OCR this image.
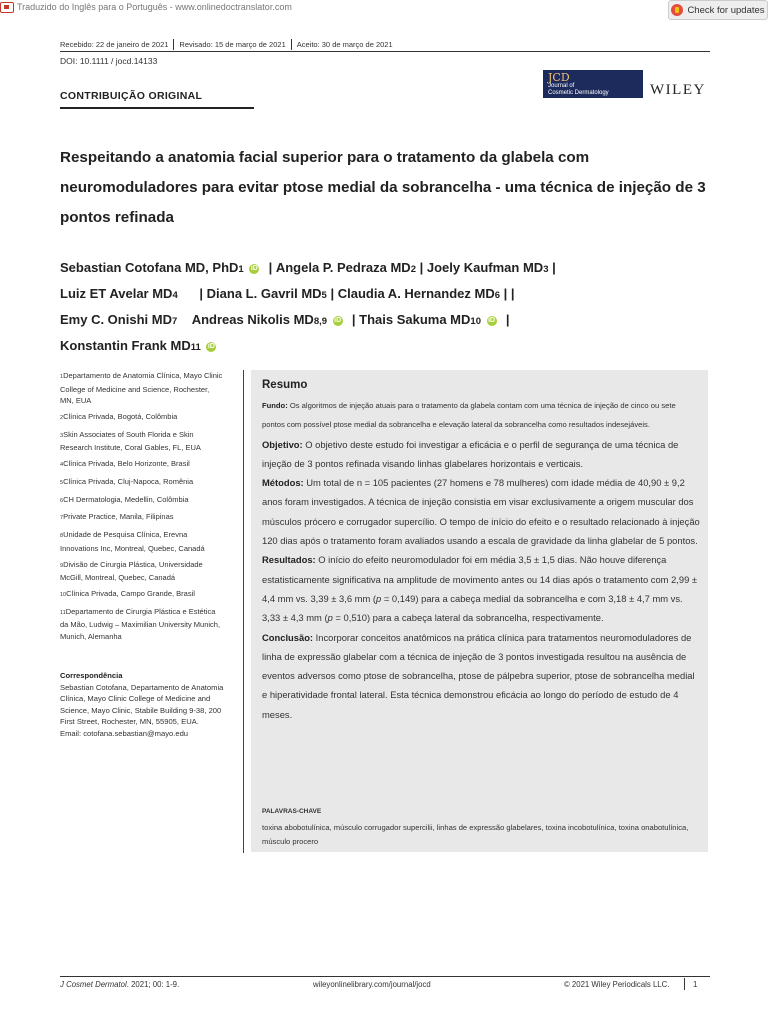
Traduzido do Inglês para o Português - www.onlinedoctranslator.com	Check for updates
Recebido: 22 de janeiro de 2021 Revisado: 15 de março de 2021 Aceito: 30 de março de 2021
DOI: 10.1111 / jocd.14133
CONTRIBUIÇÃO ORIGINAL
JCD
Journal of
Cosmetic Dermatology	WILEY
Respeitando a anatomia facial superior para o tratamento da glabela com neuromoduladores para evitar ptose medial da sobrancelha - uma técnica de injeção de 3 pontos refinada
Sebastian Cotofana MD, PhD1 iD  | Angela P. Pedraza MD2 | Joely Kaufman MD3 |
Luiz ET Avelar MD4      | Diana L. Gavril MD5 | Claudia A. Hernandez MD6 | |
Emy C. Onishi MD7 Andreas Nikolis MD8,9 iD  | Thais Sakuma MD10 iD  |
Konstantin Frank MD11 iD

1Departamento de Anatomia Clínica, Mayo Clinic College of Medicine and Science, Rochester, MN, EUA

2Clínica Privada, Bogotá, Colômbia

3Skin Associates of South Florida e Skin Research Institute, Coral Gables, FL, EUA

4Clínica Privada, Belo Horizonte, Brasil

5Clínica Privada, Cluj-Napoca, Romênia

6CH Dermatologia, Medellin, Colômbia

7Private Practice, Manila, Filipinas

8Unidade de Pesquisa Clínica, Erevna Innovations Inc, Montreal, Quebec, Canadá

9Divisão de Cirurgia Plástica, Universidade McGill, Montreal, Quebec, Canadá

10Clínica Privada, Campo Grande, Brasil

11Departamento de Cirurgia Plástica e Estética da Mão, Ludwig – Maximilian University Munich, Munich, Alemanha

Correspondência
Sebastian Cotofana, Departamento de Anatomia Clínica, Mayo Clinic College of Medicine and Science, Mayo Clinic, Stabile Building 9-38, 200 First Street, Rochester, MN, 55905, EUA.
Email: cotofana.sebastian@mayo.edu
Resumo

Fundo: Os algoritmos de injeção atuais para o tratamento da glabela contam com uma técnica de injeção de cinco ou sete pontos com possível ptose medial da sobrancelha e elevação lateral da sobrancelha como resultados indesejáveis.

Objetivo: O objetivo deste estudo foi investigar a eficácia e o perfil de segurança de uma técnica de injeção de 3 pontos refinada visando linhas glabelares horizontais e verticais.

Métodos: Um total de n = 105 pacientes (27 homens e 78 mulheres) com idade média de 40,90 ± 9,2 anos foram investigados. A técnica de injeção consistia em visar exclusivamente a origem muscular dos músculos prócero e corrugador supercílio. O tempo de início do efeito e o resultado relacionado à injeção 120 dias após o tratamento foram avaliados usando a escala de gravidade da linha glabelar de 5 pontos.

Resultados: O início do efeito neuromodulador foi em média 3,5 ± 1,5 dias. Não houve diferença estatisticamente significativa na amplitude de movimento antes ou 14 dias após o tratamento com 2,99 ± 4,4 mm vs. 3,39 ± 3,6 mm (p = 0,149) para a cabeça medial da sobrancelha e com 3,18 ± 4,7 mm vs. 3,33 ± 4,3 mm (p = 0,510) para a cabeça lateral da sobrancelha, respectivamente.

Conclusão: Incorporar conceitos anatômicos na prática clínica para tratamentos neuromoduladores de linha de expressão glabelar com a técnica de injeção de 3 pontos investigada resultou na ausência de eventos adversos como ptose de sobrancelha, ptose de pálpebra superior, ptose de sobrancelha medial e hiperatividade frontal lateral. Esta técnica demonstrou eficácia ao longo do período de estudo de 4 meses.

PALAVRAS-CHAVE
toxina abobotulínica, músculo corrugador supercilii, linhas de expressão glabelares, toxina incobotulínica, toxina onabotulínica, músculo procero
J Cosmet Dermatol. 2021; 00: 1-9.	wileyonlinelibrary.com/journal/jocd	© 2021 Wiley Periodicals LLC.	1
